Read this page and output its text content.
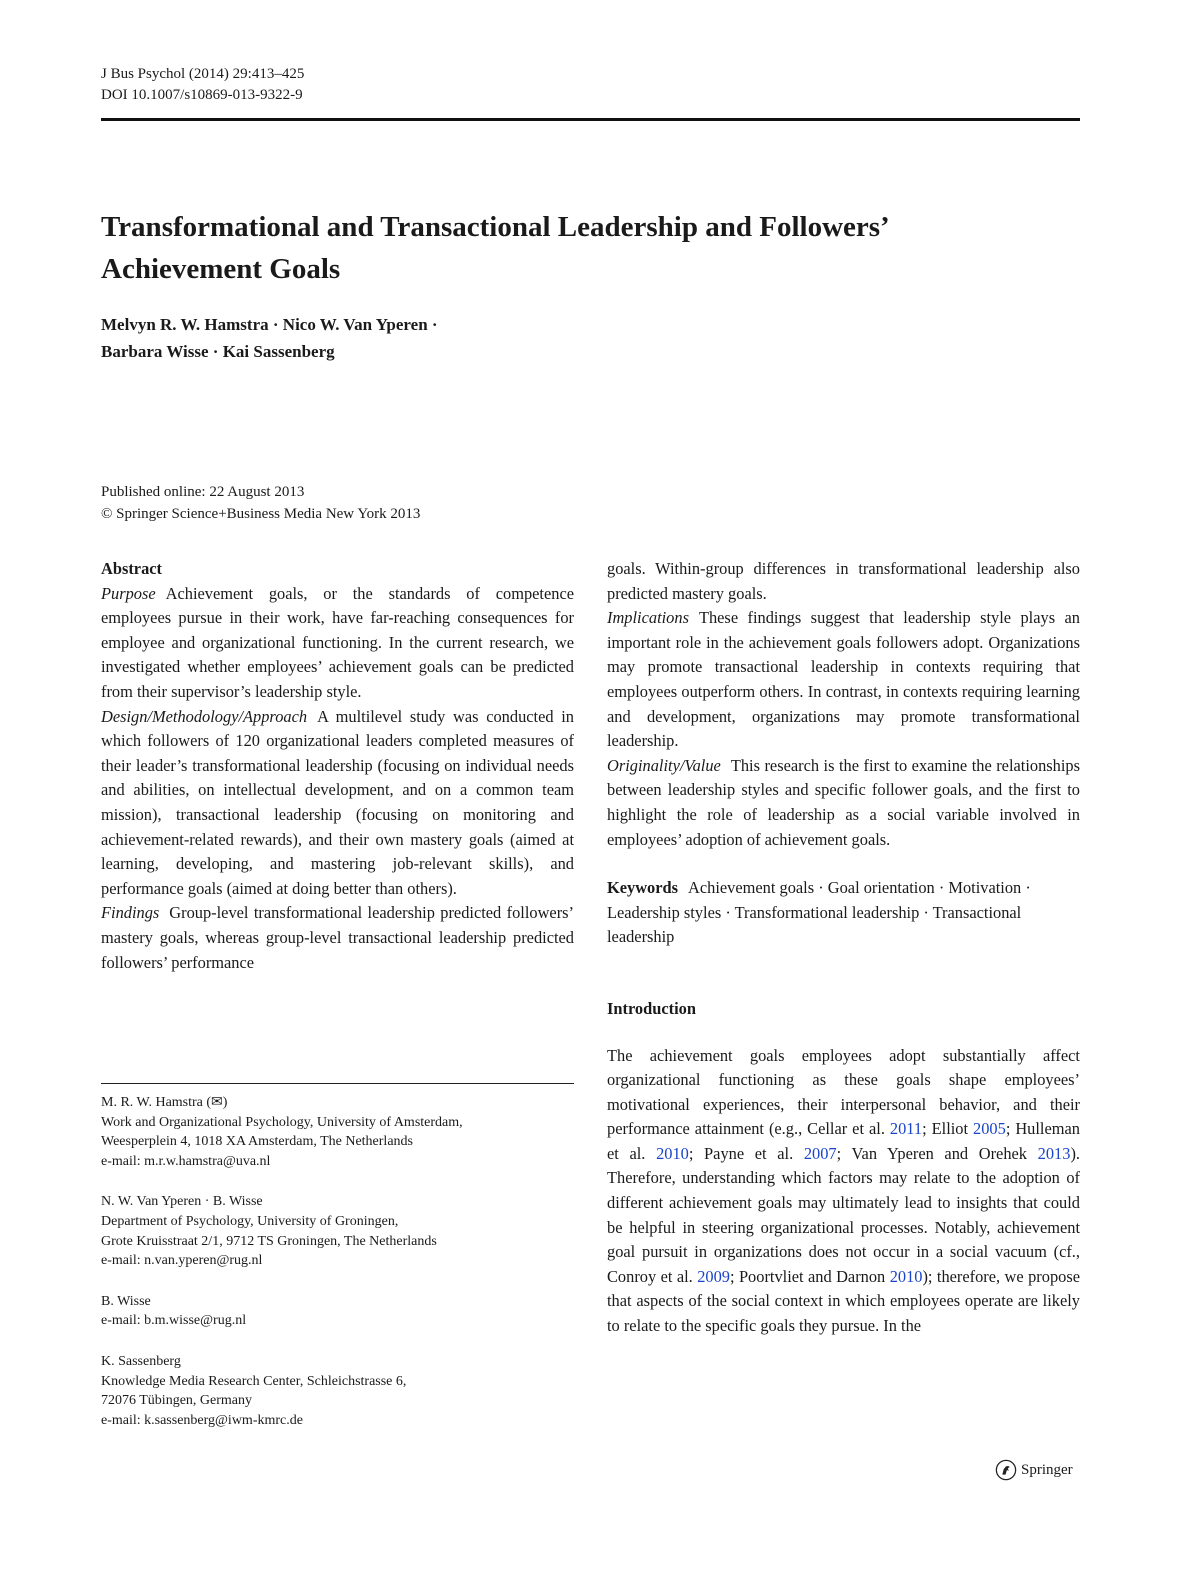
J Bus Psychol (2014) 29:413–425
DOI 10.1007/s10869-013-9322-9
Transformational and Transactional Leadership and Followers’
Achievement Goals
Melvyn R. W. Hamstra · Nico W. Van Yperen ·
Barbara Wisse · Kai Sassenberg
Published online: 22 August 2013
© Springer Science+Business Media New York 2013

Abstract

Purpose Achievement goals, or the standards of competence employees pursue in their work, have far-reaching consequences for employee and organizational functioning. In the current research, we investigated whether employees’ achievement goals can be predicted from their supervisor’s leadership style.

Design/Methodology/Approach A multilevel study was conducted in which followers of 120 organizational leaders completed measures of their leader’s transformational leadership (focusing on individual needs and abilities, on intellectual development, and on a common team mission), transactional leadership (focusing on monitoring and achievement-related rewards), and their own mastery goals (aimed at learning, developing, and mastering job-relevant skills), and performance goals (aimed at doing better than others).

Findings Group-level transformational leadership predicted followers’ mastery goals, whereas group-level transactional leadership predicted followers’ performance

goals. Within-group differences in transformational leadership also predicted mastery goals.

Implications These findings suggest that leadership style plays an important role in the achievement goals followers adopt. Organizations may promote transactional leadership in contexts requiring that employees outperform others. In contrast, in contexts requiring learning and development, organizations may promote transformational leadership.

Originality/Value This research is the first to examine the relationships between leadership styles and specific follower goals, and the first to highlight the role of leadership as a social variable involved in employees’ adoption of achievement goals.

Keywords Achievement goals · Goal orientation · Motivation · Leadership styles · Transformational leadership · Transactional leadership

Introduction

The achievement goals employees adopt substantially affect organizational functioning as these goals shape employees’ motivational experiences, their interpersonal behavior, and their performance attainment (e.g., Cellar et al. 2011; Elliot 2005; Hulleman et al. 2010; Payne et al. 2007; Van Yperen and Orehek 2013). Therefore, understanding which factors may relate to the adoption of different achievement goals may ultimately lead to insights that could be helpful in steering organizational processes. Notably, achievement goal pursuit in organizations does not occur in a social vacuum (cf., Conroy et al. 2009; Poortvliet and Darnon 2010); therefore, we propose that aspects of the social context in which employees operate are likely to relate to the specific goals they pursue. In the

M. R. W. Hamstra (✉)
Work and Organizational Psychology, University of Amsterdam,
Weesperplein 4, 1018 XA Amsterdam, The Netherlands
e-mail: m.r.w.hamstra@uva.nl
N. W. Van Yperen · B. Wisse
Department of Psychology, University of Groningen,
Grote Kruisstraat 2/1, 9712 TS Groningen, The Netherlands
e-mail: n.van.yperen@rug.nl
B. Wisse
e-mail: b.m.wisse@rug.nl
K. Sassenberg
Knowledge Media Research Center, Schleichstrasse 6,
72076 Tübingen, Germany
e-mail: k.sassenberg@iwm-kmrc.de
Springer
